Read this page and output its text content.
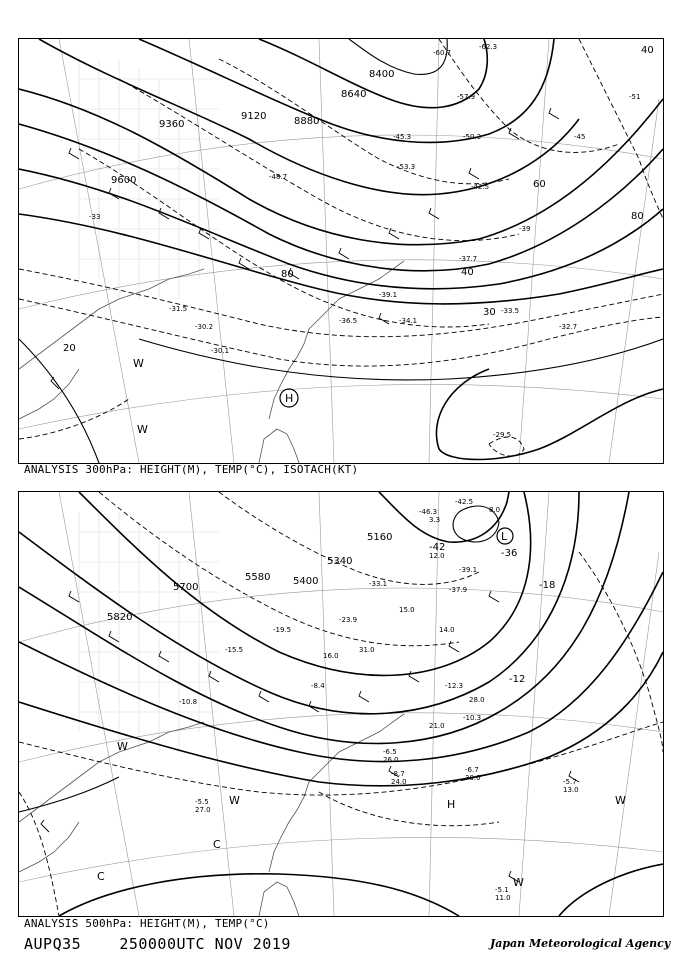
9360
9120	8880
8640
8400
9600
80	40
20
30
40
60
80
-33
-39
-45
-51
-36.5
-39.1
-30.1
-29.5
-32.7
-37.7
-42.5
-45.3	-50.3
-62.3
-60.7
-57.9
-53.3
-48.7
-34.1
-33.5
-31.5
-30.2
H
W
W
ANALYSIS 300hPa: HEIGHT(M), TEMP(°C), ISOTACH(KT)
5820
5700
5580 5400
5340
5160
-42
-36
-12
-18
-8.7
-6.5
-10.3
-5.7
-6.7
-5.1
-5.5
-12.3
-39.1
-46.3
-42.5
-37.9
-33.1
-23.9
-19.5
-15.5
-10.8
-8.4
24.0
26.0
30.0
13.0
11.0
27.0
15.0
31.0
21.0
28.0
14.0
8.0
3.3
12.0
16.0
L
H
W
W	W
W
C
C
ANALYSIS 500hPa: HEIGHT(M), TEMP(°C)
AUPQ35	250000UTC NOV 2019	Japan Meteorological Agency
